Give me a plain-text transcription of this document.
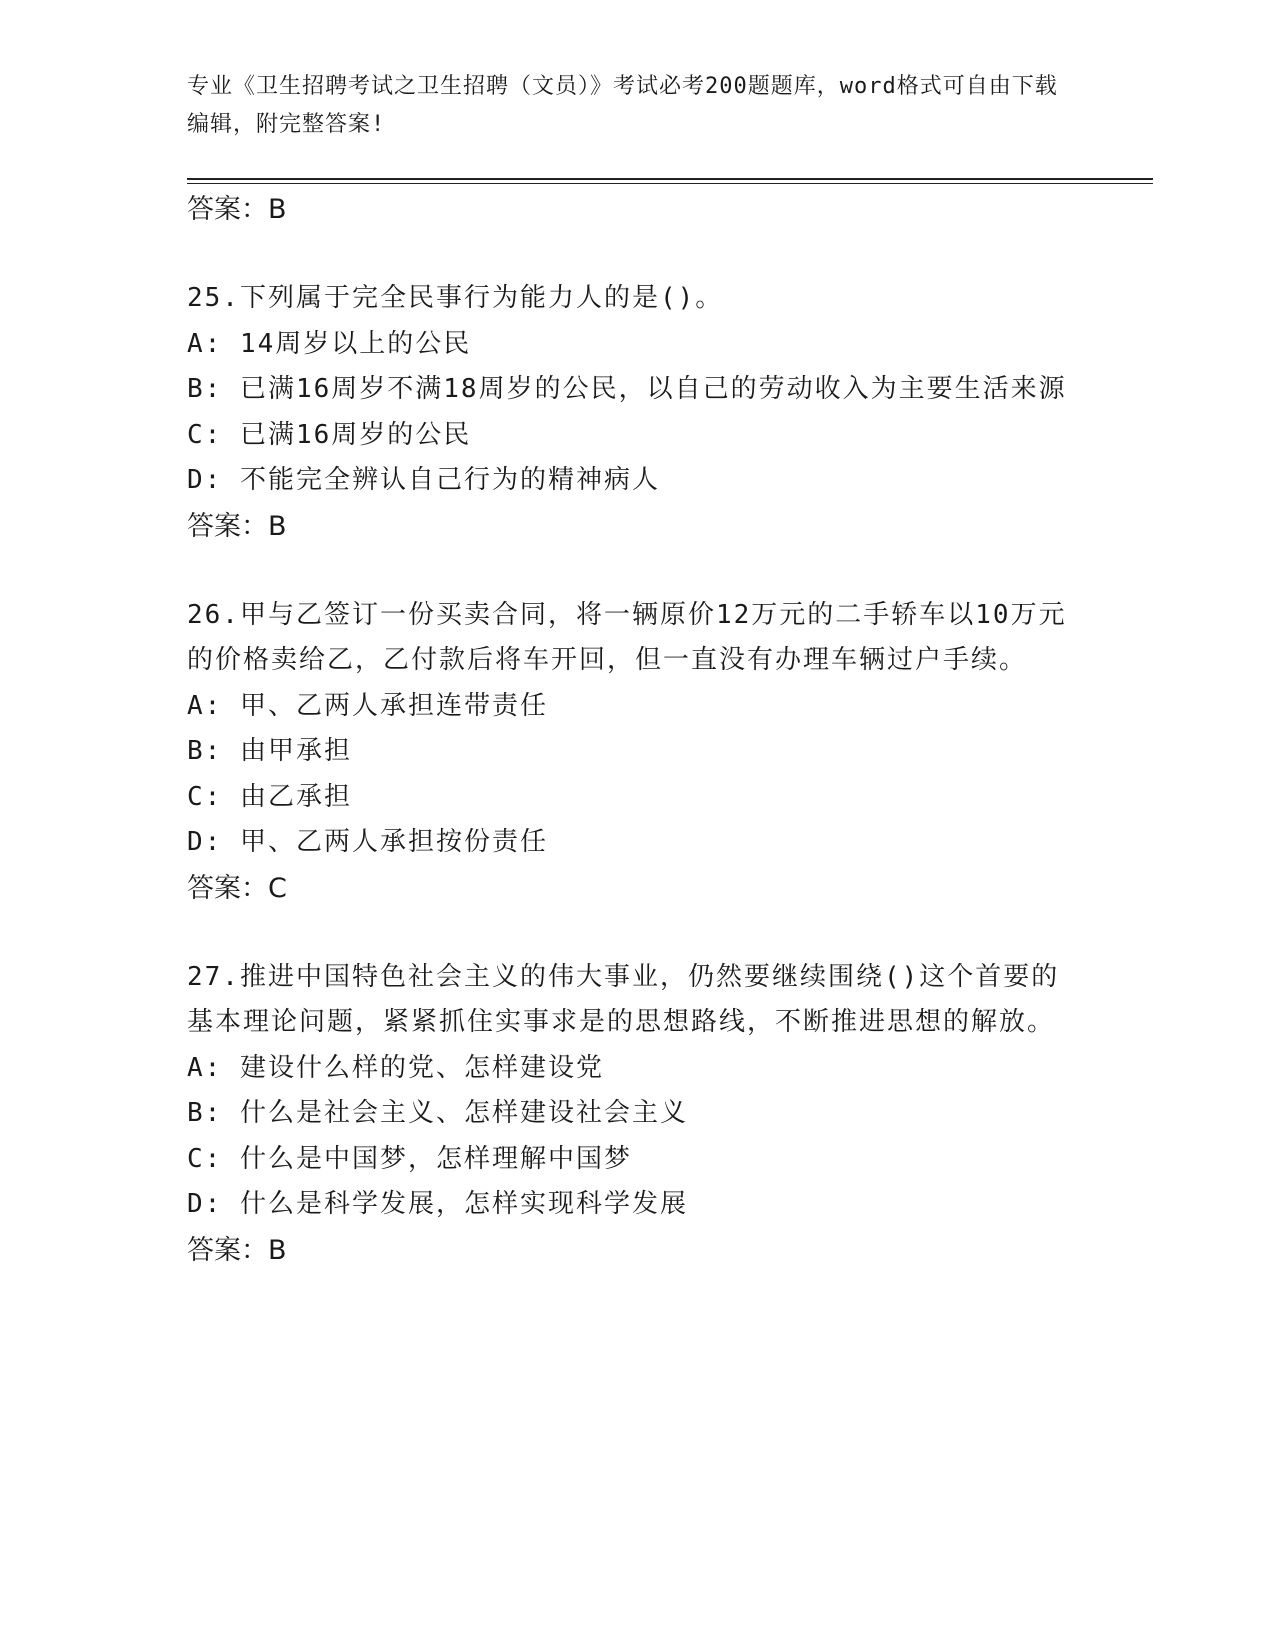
专业《卫生招聘考试之卫生招聘（文员）》考试必考200题题库，word格式可自由下载编辑，附完整答案!

答案：B

25.下列属于完全民事行为能力人的是()。

A: 14周岁以上的公民

B: 已满16周岁不满18周岁的公民，以自己的劳动收入为主要生活来源

C: 已满16周岁的公民

D: 不能完全辨认自己行为的精神病人

答案：B

26.甲与乙签订一份买卖合同，将一辆原价12万元的二手轿车以10万元的价格卖给乙，乙付款后将车开回，但一直没有办理车辆过户手续。

A: 甲、乙两人承担连带责任

B: 由甲承担

C: 由乙承担

D: 甲、乙两人承担按份责任

答案：C

27.推进中国特色社会主义的伟大事业，仍然要继续围绕()这个首要的基本理论问题，紧紧抓住实事求是的思想路线，不断推进思想的解放。

A: 建设什么样的党、怎样建设党

B: 什么是社会主义、怎样建设社会主义

C: 什么是中国梦，怎样理解中国梦

D: 什么是科学发展，怎样实现科学发展

答案：B
